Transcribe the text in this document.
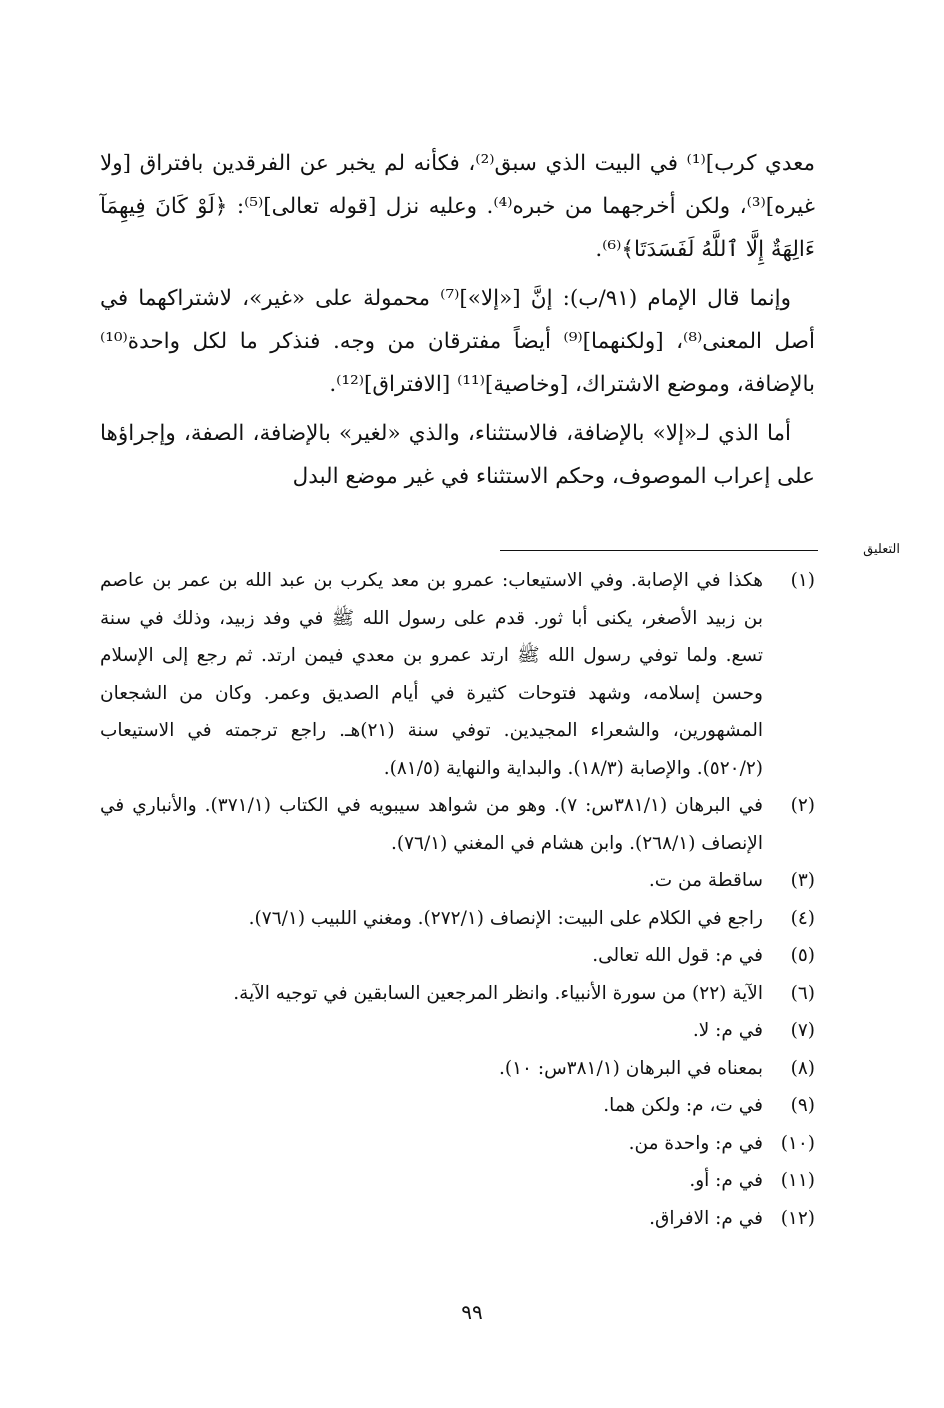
معدي كرب]⁽¹⁾ في البيت الذي سبق⁽²⁾، فكأنه لم يخبر عن الفرقدين بافتراق [ولا غيره]⁽³⁾، ولكن أخرجهما من خبره⁽⁴⁾. وعليه نزل [قوله تعالى]⁽⁵⁾: ﴿لَوْ كَانَ فِيهِمَآ ءَالِهَةٌ إِلَّا ٱللَّهُ لَفَسَدَتَا﴾⁽⁶⁾.

وإنما قال الإمام (٩١/ب): إنَّ [«إلا»]⁽⁷⁾ محمولة على «غير»، لاشتراكهما في أصل المعنى⁽⁸⁾، [ولكنهما]⁽⁹⁾ أيضاً مفترقان من وجه. فنذكر ما لكل واحدة⁽¹⁰⁾ بالإضافة، وموضع الاشتراك، [وخاصية]⁽¹¹⁾ [الافتراق]⁽¹²⁾.

أما الذي لـ«إلا» بالإضافة، فالاستثناء، والذي «لغير» بالإضافة، الصفة، وإجراؤها على إعراب الموصوف، وحكم الاستثناء في غير موضع البدل

التعليق
(١)
هكذا في الإصابة. وفي الاستيعاب: عمرو بن معد يكرب بن عبد الله بن عمر بن عاصم بن زبيد الأصغر، يكنى أبا ثور. قدم على رسول الله ﷺ في وفد زبيد، وذلك في سنة تسع. ولما توفي رسول الله ﷺ ارتد عمرو بن معدي فيمن ارتد. ثم رجع إلى الإسلام وحسن إسلامه، وشهد فتوحات كثيرة في أيام الصديق وعمر. وكان من الشجعان المشهورين، والشعراء المجيدين. توفي سنة (٢١)هـ. راجع ترجمته في الاستيعاب (٥٢٠/٢). والإصابة (١٨/٣). والبداية والنهاية (٨١/٥).
(٢)
في البرهان (٣٨١/١س: ٧). وهو من شواهد سيبويه في الكتاب (٣٧١/١). والأنباري في الإنصاف (٢٦٨/١). وابن هشام في المغني (٧٦/١).
(٣)
ساقطة من ت.
(٤)
راجع في الكلام على البيت: الإنصاف (٢٧٢/١). ومغني اللبيب (٧٦/١).
(٥)
في م: قول الله تعالى.
(٦)
الآية (٢٢) من سورة الأنبياء. وانظر المرجعين السابقين في توجيه الآية.
(٧)
في م: لا.
(٨)
بمعناه في البرهان (٣٨١/١س: ١٠).
(٩)
في ت، م: ولكن هما.
(١٠)
في م: واحدة من.
(١١)
في م: أو.
(١٢)
في م: الافراق.
٩٩
